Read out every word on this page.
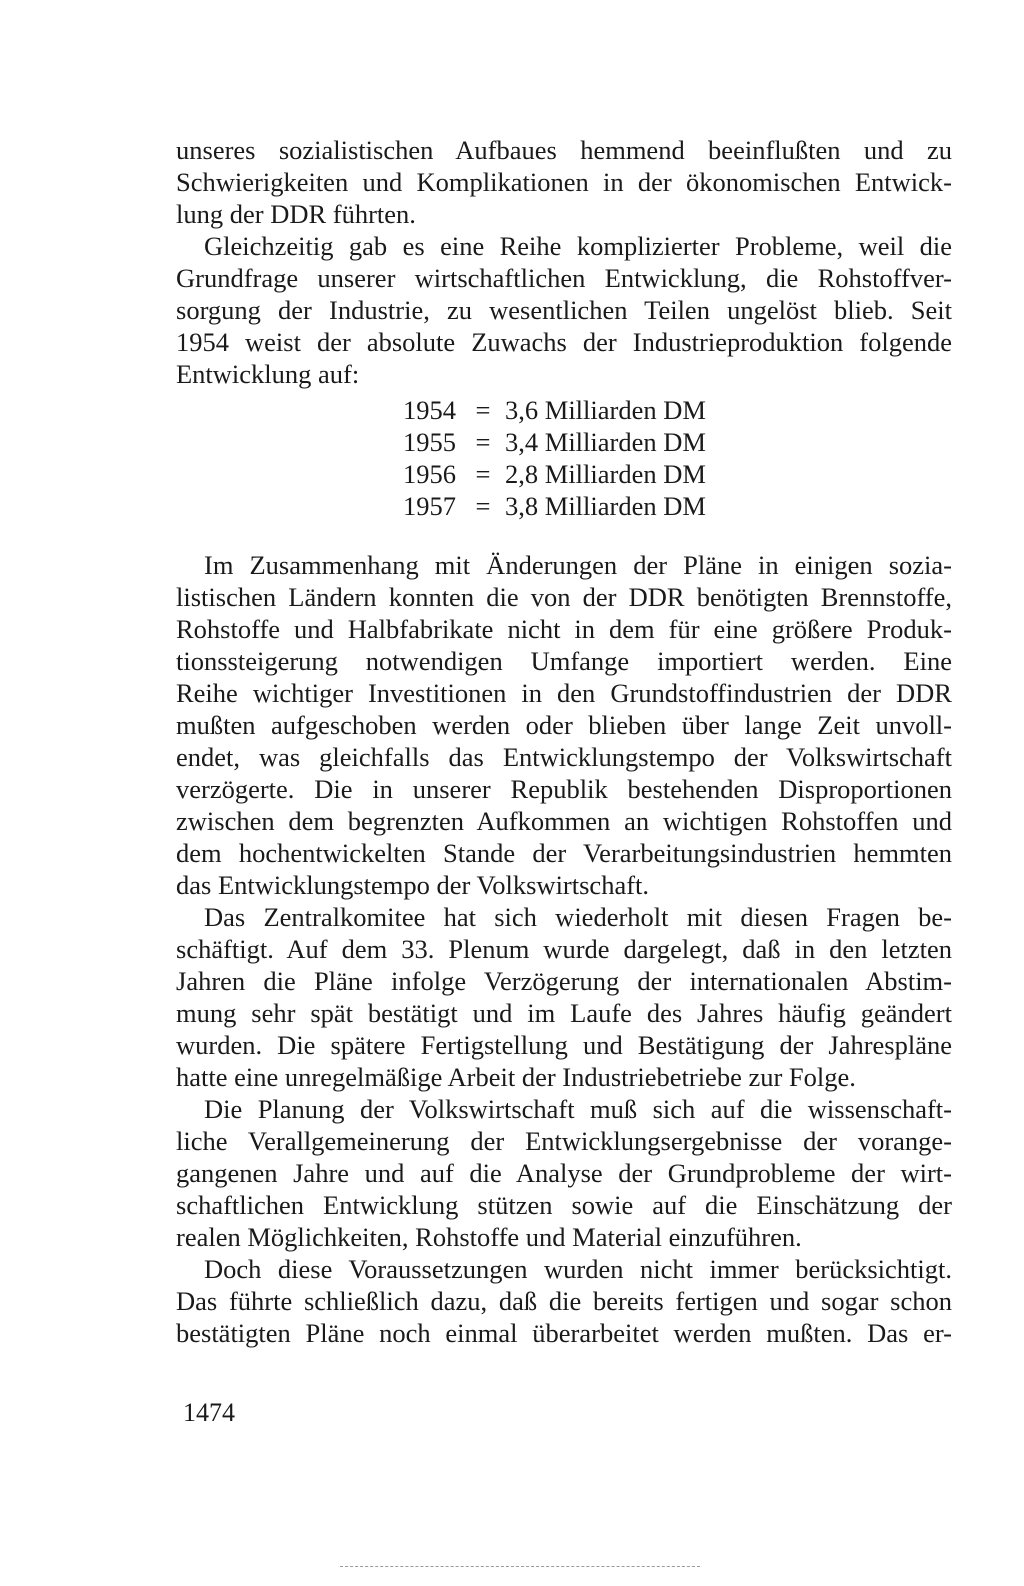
unseres sozialistischen Aufbaues hemmend beeinflußten und zu
Schwierigkeiten und Komplikationen in der ökonomischen Entwick-
lung der DDR führten.

Gleichzeitig gab es eine Reihe komplizierter Probleme, weil die
Grundfrage unserer wirtschaftlichen Entwicklung, die Rohstoffver-
sorgung der Industrie, zu wesentlichen Teilen ungelöst blieb. Seit
1954 weist der absolute Zuwachs der Industrieproduktion folgende
Entwicklung auf:

1954 = 3,6 Milliarden DM
1955 = 3,4 Milliarden DM
1956 = 2,8 Milliarden DM
1957 = 3,8 Milliarden DM

Im Zusammenhang mit Änderungen der Pläne in einigen sozia-
listischen Ländern konnten die von der DDR benötigten Brennstoffe,
Rohstoffe und Halbfabrikate nicht in dem für eine größere Produk-
tionssteigerung notwendigen Umfange importiert werden. Eine
Reihe wichtiger Investitionen in den Grundstoffindustrien der DDR
mußten aufgeschoben werden oder blieben über lange Zeit unvoll-
endet, was gleichfalls das Entwicklungstempo der Volkswirtschaft
verzögerte. Die in unserer Republik bestehenden Disproportionen
zwischen dem begrenzten Aufkommen an wichtigen Rohstoffen und
dem hochentwickelten Stande der Verarbeitungsindustrien hemmten
das Entwicklungstempo der Volkswirtschaft.

Das Zentralkomitee hat sich wiederholt mit diesen Fragen be-
schäftigt. Auf dem 33. Plenum wurde dargelegt, daß in den letzten
Jahren die Pläne infolge Verzögerung der internationalen Abstim-
mung sehr spät bestätigt und im Laufe des Jahres häufig geändert
wurden. Die spätere Fertigstellung und Bestätigung der Jahrespläne
hatte eine unregelmäßige Arbeit der Industriebetriebe zur Folge.

Die Planung der Volkswirtschaft muß sich auf die wissenschaft-
liche Verallgemeinerung der Entwicklungsergebnisse der vorange-
gangenen Jahre und auf die Analyse der Grundprobleme der wirt-
schaftlichen Entwicklung stützen sowie auf die Einschätzung der
realen Möglichkeiten, Rohstoffe und Material einzuführen.

Doch diese Voraussetzungen wurden nicht immer berücksichtigt.
Das führte schließlich dazu, daß die bereits fertigen und sogar schon
bestätigten Pläne noch einmal überarbeitet werden mußten. Das er-

1474
